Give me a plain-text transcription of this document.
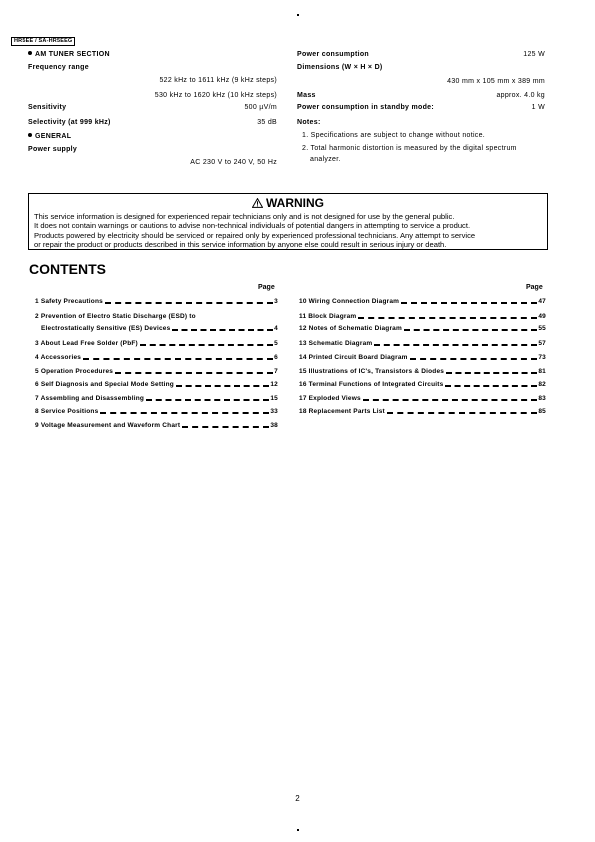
HR5EE / SA-HR5EEG
AM TUNER SECTION
Frequency range
522 kHz to 1611 kHz (9 kHz steps)
530 kHz to 1620 kHz (10 kHz steps)
Sensitivity	500 µV/m
Selectivity (at 999 kHz)	35 dB
GENERAL
Power supply
AC 230 V to 240 V, 50 Hz
Power consumption	125 W
Dimensions (W × H × D)
430 mm x 105 mm x 389 mm
Mass	approx. 4.0 kg
Power consumption in standby mode:	1 W
Notes:
1. Specifications are subject to change without notice.
2. Total harmonic distortion is measured by the digital spectrum
analyzer.
WARNING
This service information is designed for experienced repair technicians only and is not designed for use by the general public.
It does not contain warnings or cautions to advise non-technical individuals of potential dangers in attempting to service a product.
Products powered by electricity should be serviced or repaired only by experienced professional technicians. Any attempt to service
or repair the product or products described in this service information by anyone else could result in serious injury or death.
CONTENTS
Page	Page
1 Safety Precautions	3
2 Prevention of Electro Static Discharge (ESD) to
Electrostatically Sensitive (ES) Devices	4
3 About Lead Free Solder (PbF)	5
4 Accessories	6
5 Operation Procedures	7
6 Self Diagnosis and Special Mode Setting	12
7 Assembling and Disassembling	15
8 Service Positions	33
9 Voltage Measurement and Waveform Chart	38
10 Wiring Connection Diagram	47
11 Block Diagram	49
12 Notes of Schematic Diagram	55
13 Schematic Diagram	57
14 Printed Circuit Board Diagram	73
15 Illustrations of IC's, Transistors & Diodes	81
16 Terminal Functions of Integrated Circuits	82
17 Exploded Views	83
18 Replacement Parts List	85
2
